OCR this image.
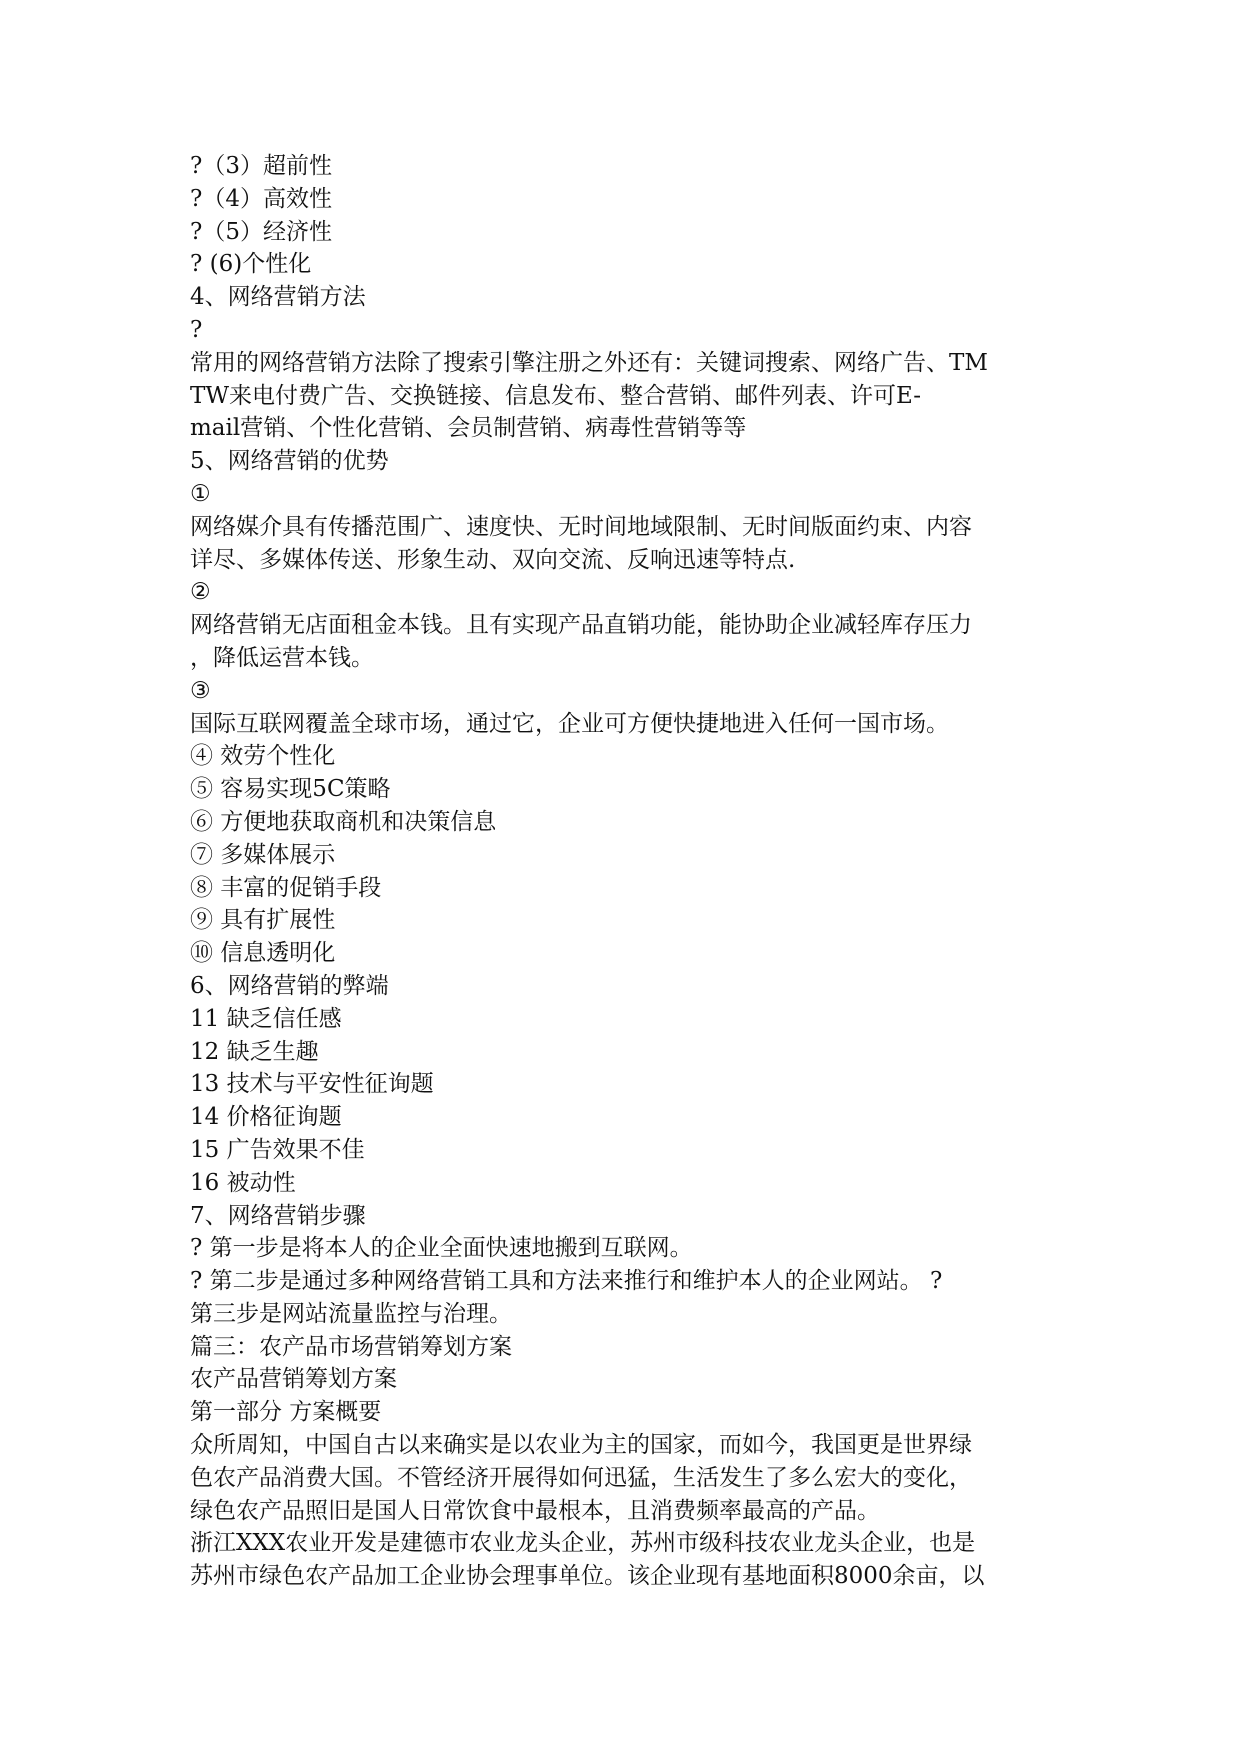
?（3）超前性

?（4）高效性

?（5）经济性

? (6)个性化

4、网络营销方法

?

常用的网络营销方法除了搜索引擎注册之外还有：关键词搜索、网络广告、TM

TW来电付费广告、交换链接、信息发布、整合营销、邮件列表、许可E-

mail营销、个性化营销、会员制营销、病毒性营销等等

5、网络营销的优势

①

网络媒介具有传播范围广、速度快、无时间地域限制、无时间版面约束、内容

详尽、多媒体传送、形象生动、双向交流、反响迅速等特点.

②

网络营销无店面租金本钱。且有实现产品直销功能，能协助企业减轻库存压力

，降低运营本钱。

③

国际互联网覆盖全球市场，通过它，企业可方便快捷地进入任何一国市场。

④ 效劳个性化

⑤ 容易实现5C策略

⑥ 方便地获取商机和决策信息

⑦ 多媒体展示

⑧ 丰富的促销手段

⑨ 具有扩展性

⑩ 信息透明化

6、网络营销的弊端

11 缺乏信任感

12 缺乏生趣

13 技术与平安性征询题

14 价格征询题

15 广告效果不佳

16 被动性

7、网络营销步骤

? 第一步是将本人的企业全面快速地搬到互联网。

? 第二步是通过多种网络营销工具和方法来推行和维护本人的企业网站。 ?

第三步是网站流量监控与治理。

篇三：农产品市场营销筹划方案

农产品营销筹划方案

第一部分 方案概要

众所周知，中国自古以来确实是以农业为主的国家，而如今，我国更是世界绿

色农产品消费大国。不管经济开展得如何迅猛，生活发生了多么宏大的变化，

绿色农产品照旧是国人日常饮食中最根本，且消费频率最高的产品。

浙江XXX农业开发是建德市农业龙头企业，苏州市级科技农业龙头企业，也是

苏州市绿色农产品加工企业协会理事单位。该企业现有基地面积8000余亩，以
